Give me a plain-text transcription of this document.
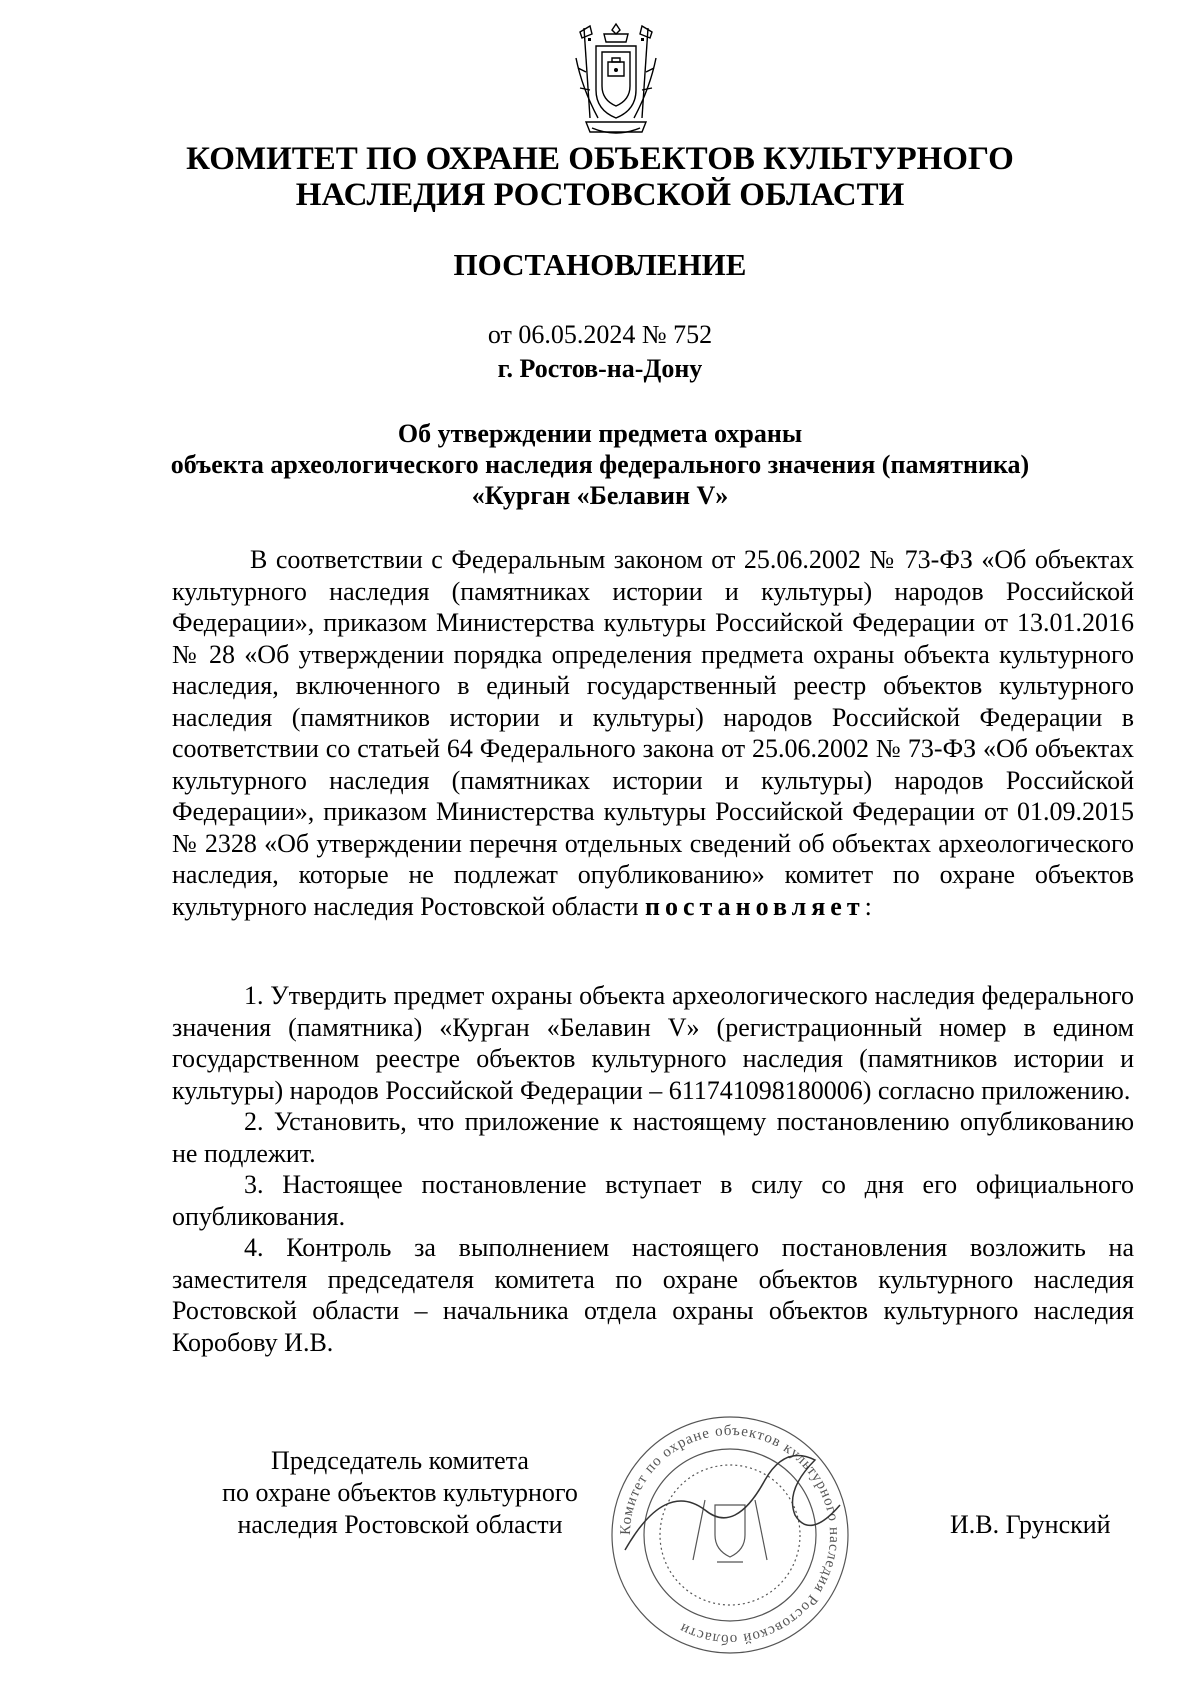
КОМИТЕТ ПО ОХРАНЕ ОБЪЕКТОВ КУЛЬТУРНОГО
НАСЛЕДИЯ РОСТОВСКОЙ ОБЛАСТИ
ПОСТАНОВЛЕНИЕ
от 06.05.2024 № 752
г. Ростов-на-Дону
Об утверждении предмета охраны
объекта археологического наследия федерального значения (памятника)
«Курган «Белавин V»
В соответствии с Федеральным законом от 25.06.2002 № 73-ФЗ «Об объектах культурного наследия (памятниках истории и культуры) народов Российской Федерации», приказом Министерства культуры Российской Федерации от 13.01.2016 № 28 «Об утверждении порядка определения предмета охраны объекта культурного наследия, включенного в единый государственный реестр объектов культурного наследия (памятников истории и культуры) народов Российской Федерации в соответствии со статьей 64 Федерального закона от 25.06.2002 № 73-ФЗ «Об объектах культурного наследия (памятниках истории и культуры) народов Российской Федерации», приказом Министерства культуры Российской Федерации от 01.09.2015 № 2328 «Об утверждении перечня отдельных сведений об объектах археологического наследия, которые не подлежат опубликованию» комитет по охране объектов культурного наследия Ростовской области постановляет:

1. Утвердить предмет охраны объекта археологического наследия федерального значения (памятника) «Курган «Белавин V» (регистрационный номер в едином государственном реестре объектов культурного наследия (памятников истории и культуры) народов Российской Федерации – 611741098180006) согласно приложению.

2. Установить, что приложение к настоящему постановлению опубликованию не подлежит.

3. Настоящее постановление вступает в силу со дня его официального опубликования.

4. Контроль за выполнением настоящего постановления возложить на заместителя председателя комитета по охране объектов культурного наследия Ростовской области – начальника отдела охраны объектов культурного наследия Коробову И.В.

Председатель комитета
по охране объектов культурного
наследия Ростовской области	Комитет по охране объектов культурного наследия Ростовской области
И.В. Грунский
